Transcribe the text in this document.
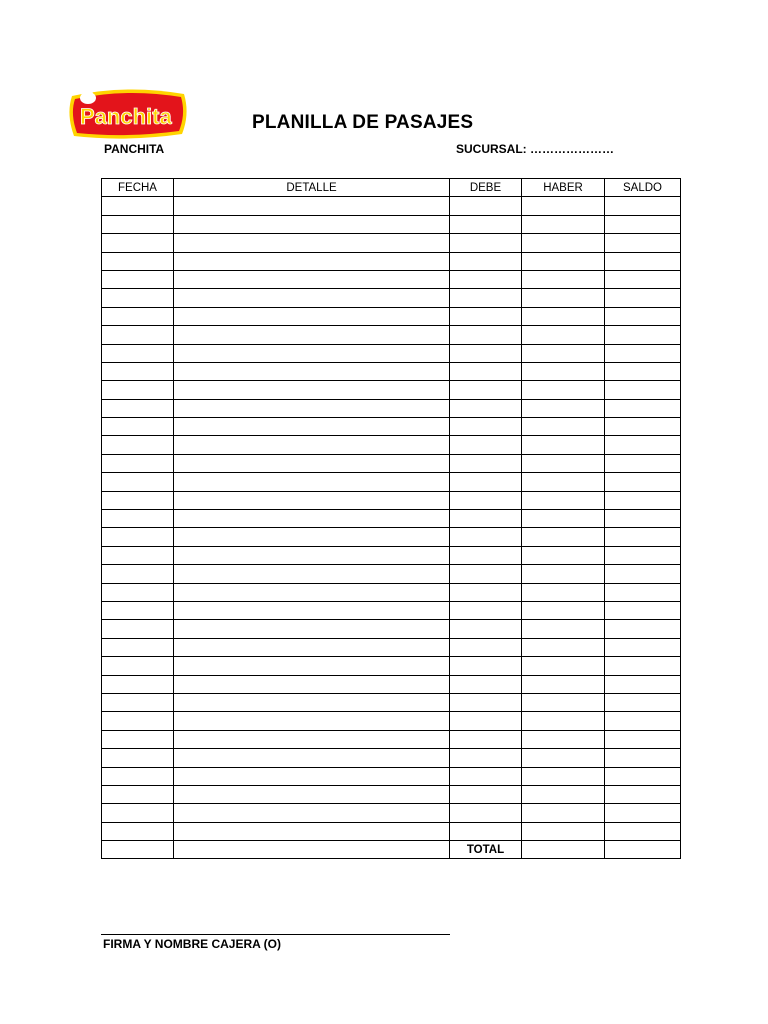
Panchita	PLANILLA DE PASAJES
PANCHITA	SUCURSAL: …………………
FECHA	DETALLE	DEBE	HABER	SALDO

		TOTAL		
FIRMA Y NOMBRE CAJERA (O)
